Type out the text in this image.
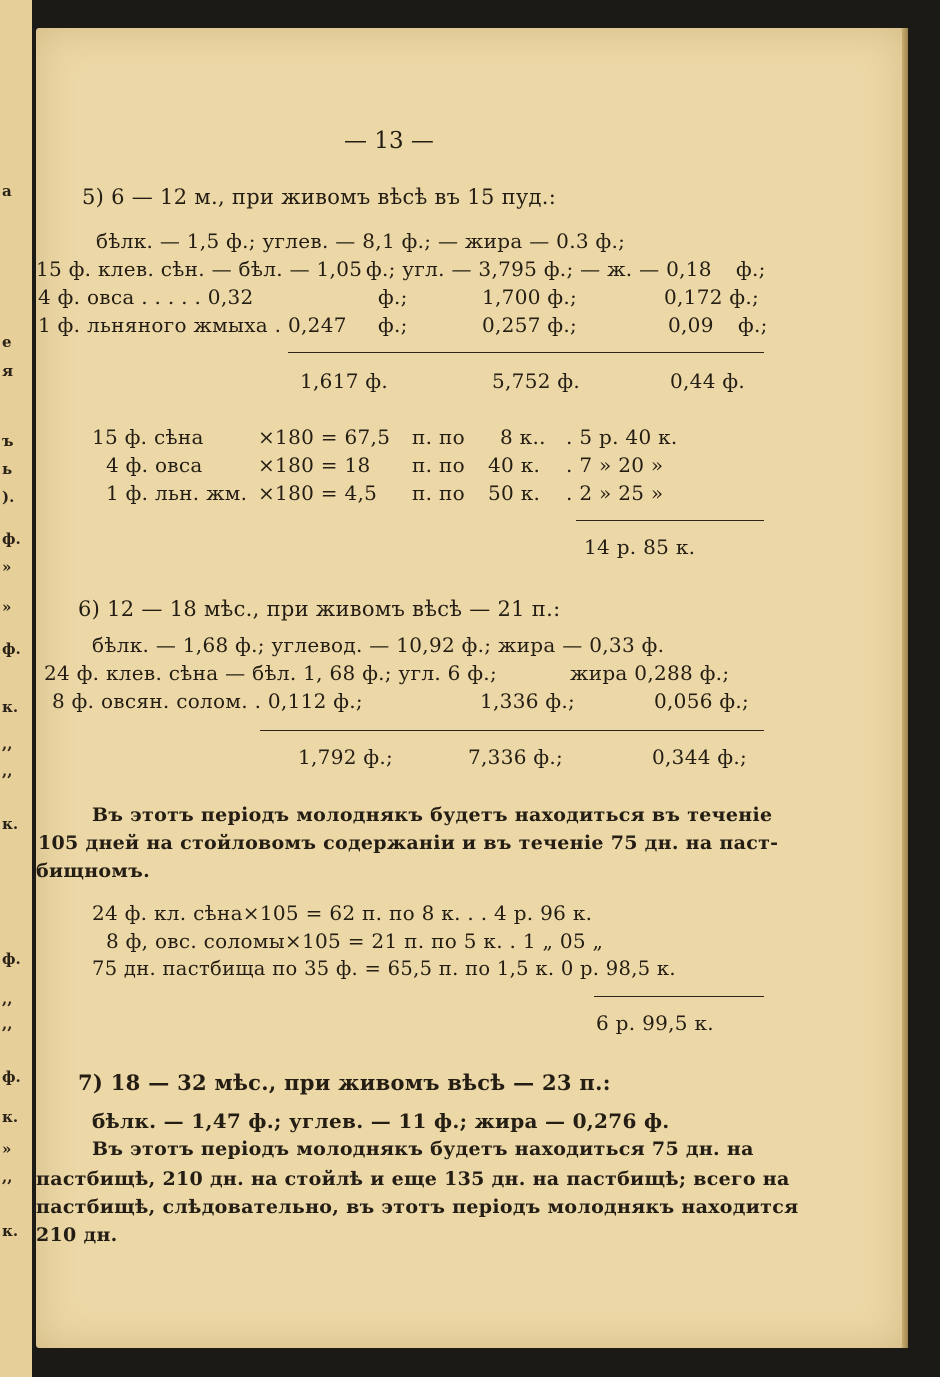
а
е
я
ъ
ь
).
ф.
»
»
ф.
к.
,,
,,
к.
ф.
,,
,,
ф.
к.
»
,,
к.
— 13 —
5) 6 — 12 м., при живомъ вѣсѣ въ 15 пуд.:
бѣлк. — 1,5 ф.; углев. — 8,1 ф.; — жира — 0.3 ф.;
15 ф. клев. сѣн. — бѣл. — 1,05 ф.; угл. — 3,795 ф.; — ж. — 0,18 ф.;
4 ф. овса . . . . . 0,32	ф.;	1,700 ф.;	0,172 ф.;
1 ф. льняного жмыха . 0,247 ф.;	0,257 ф.;	0,09 ф.;
1,617 ф.	5,752 ф.	0,44 ф.
15 ф. сѣна	×180 = 67,5 п. по 8 к.. . 5 р. 40 к.
4 ф. овса	×180 = 18 п. по 40 к. . 7 » 20 »
1 ф. льн. жм. ×180 = 4,5 п. по 50 к. . 2 » 25 »
14 р. 85 к.
6) 12 — 18 мѣс., при живомъ вѣсѣ — 21 п.:
бѣлк. — 1,68 ф.; углевод. — 10,92 ф.; жира — 0,33 ф.
24 ф. клев. сѣна — бѣл. 1, 68 ф.; угл. 6 ф.;	жира 0,288 ф.;
8 ф. овсян. солом. . 0,112 ф.;	1,336 ф.;	0,056 ф.;
1,792 ф.;	7,336 ф.;	0,344 ф.;
Въ этотъ періодъ молоднякъ будетъ находиться въ теченіе
105 дней на стойловомъ содержаніи и въ теченіе 75 дн. на паст-
бищномъ.
24 ф. кл. сѣна×105 = 62 п. по 8 к. . . 4 р. 96 к.
8 ф, овс. соломы×105 = 21 п. по 5 к. . 1 „ 05 „
75 дн. пастбища по 35 ф. = 65,5 п. по 1,5 к. 0 р. 98,5 к.
6 р. 99,5 к.
7) 18 — 32 мѣс., при живомъ вѣсѣ — 23 п.:
бѣлк. — 1,47 ф.; углев. — 11 ф.; жира — 0,276 ф.
Въ этотъ періодъ молоднякъ будетъ находиться 75 дн. на
пастбищѣ, 210 дн. на стойлѣ и еще 135 дн. на пастбищѣ; всего на
пастбищѣ, слѣдовательно, въ этотъ періодъ молоднякъ находится
210 дн.
